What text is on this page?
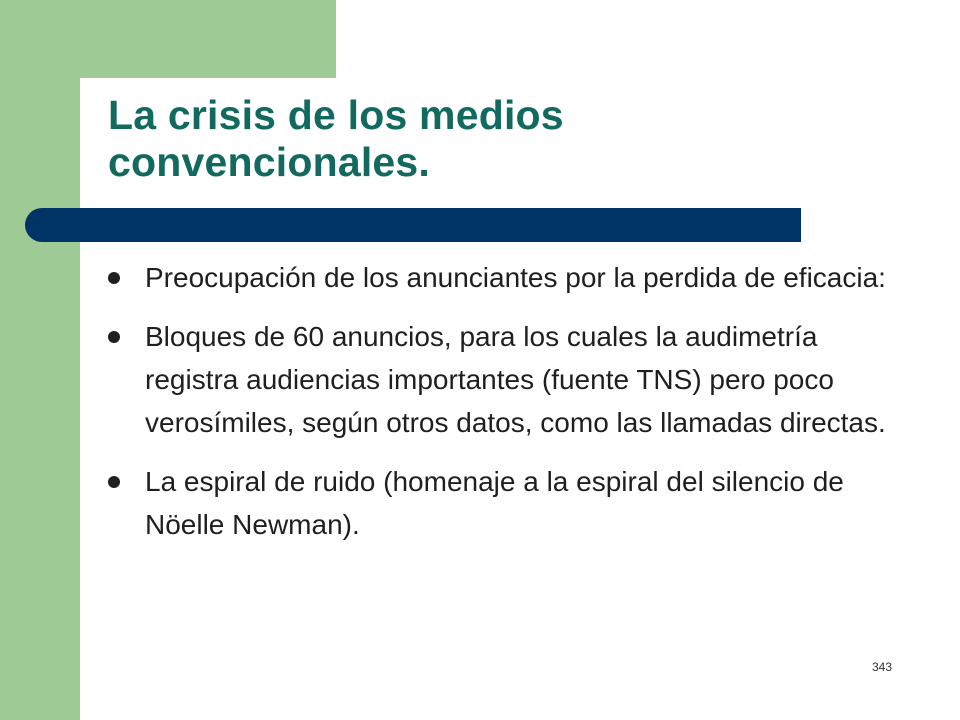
La crisis de los medios convencionales.
Preocupación de los anunciantes por la perdida de eficacia:
Bloques de 60 anuncios, para los cuales la audimetría registra audiencias importantes (fuente TNS) pero poco verosímiles, según otros datos, como las llamadas directas.
La espiral de ruido (homenaje a la espiral del silencio de Nöelle Newman).
343
